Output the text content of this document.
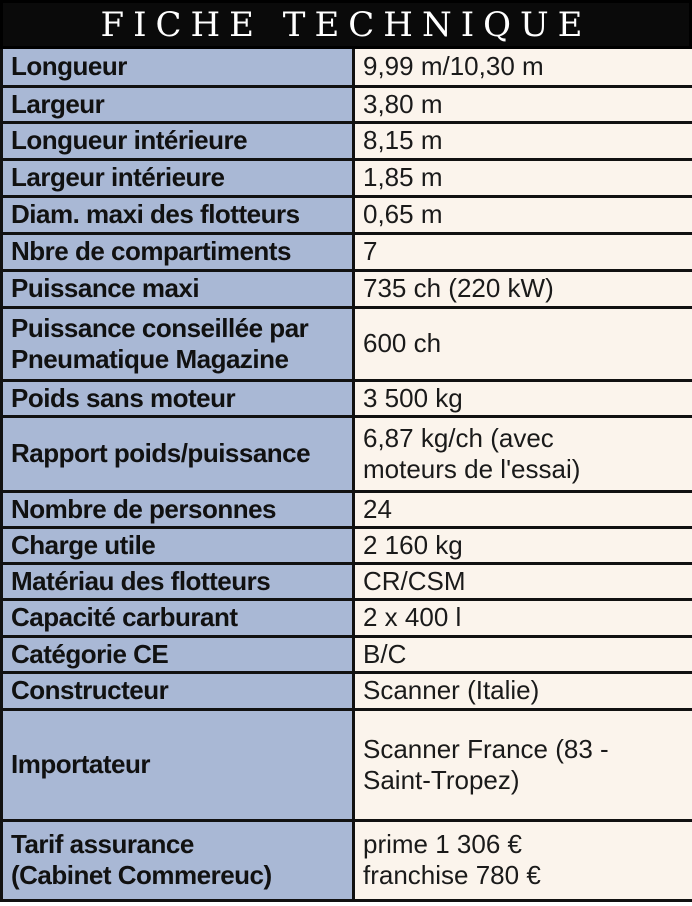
FICHE TECHNIQUE
Longueur	9,99 m/10,30 m
Largeur	3,80 m
Longueur intérieure	8,15 m
Largeur intérieure	1,85 m
Diam. maxi des flotteurs	0,65 m
Nbre de compartiments	7
Puissance maxi	735 ch (220 kW)
Puissance conseillée par
Pneumatique Magazine	600 ch
Poids sans moteur	3 500 kg
Rapport poids/puissance	6,87 kg/ch (avec
moteurs de l'essai)
Nombre de personnes	24
Charge utile	2 160 kg
Matériau des flotteurs	CR/CSM
Capacité carburant	2 x 400 l
Catégorie CE	B/C
Constructeur	Scanner (Italie)
Importateur	Scanner France (83 -
Saint-Tropez)
Tarif assurance
(Cabinet Commereuc)	prime 1 306 €
franchise 780 €
